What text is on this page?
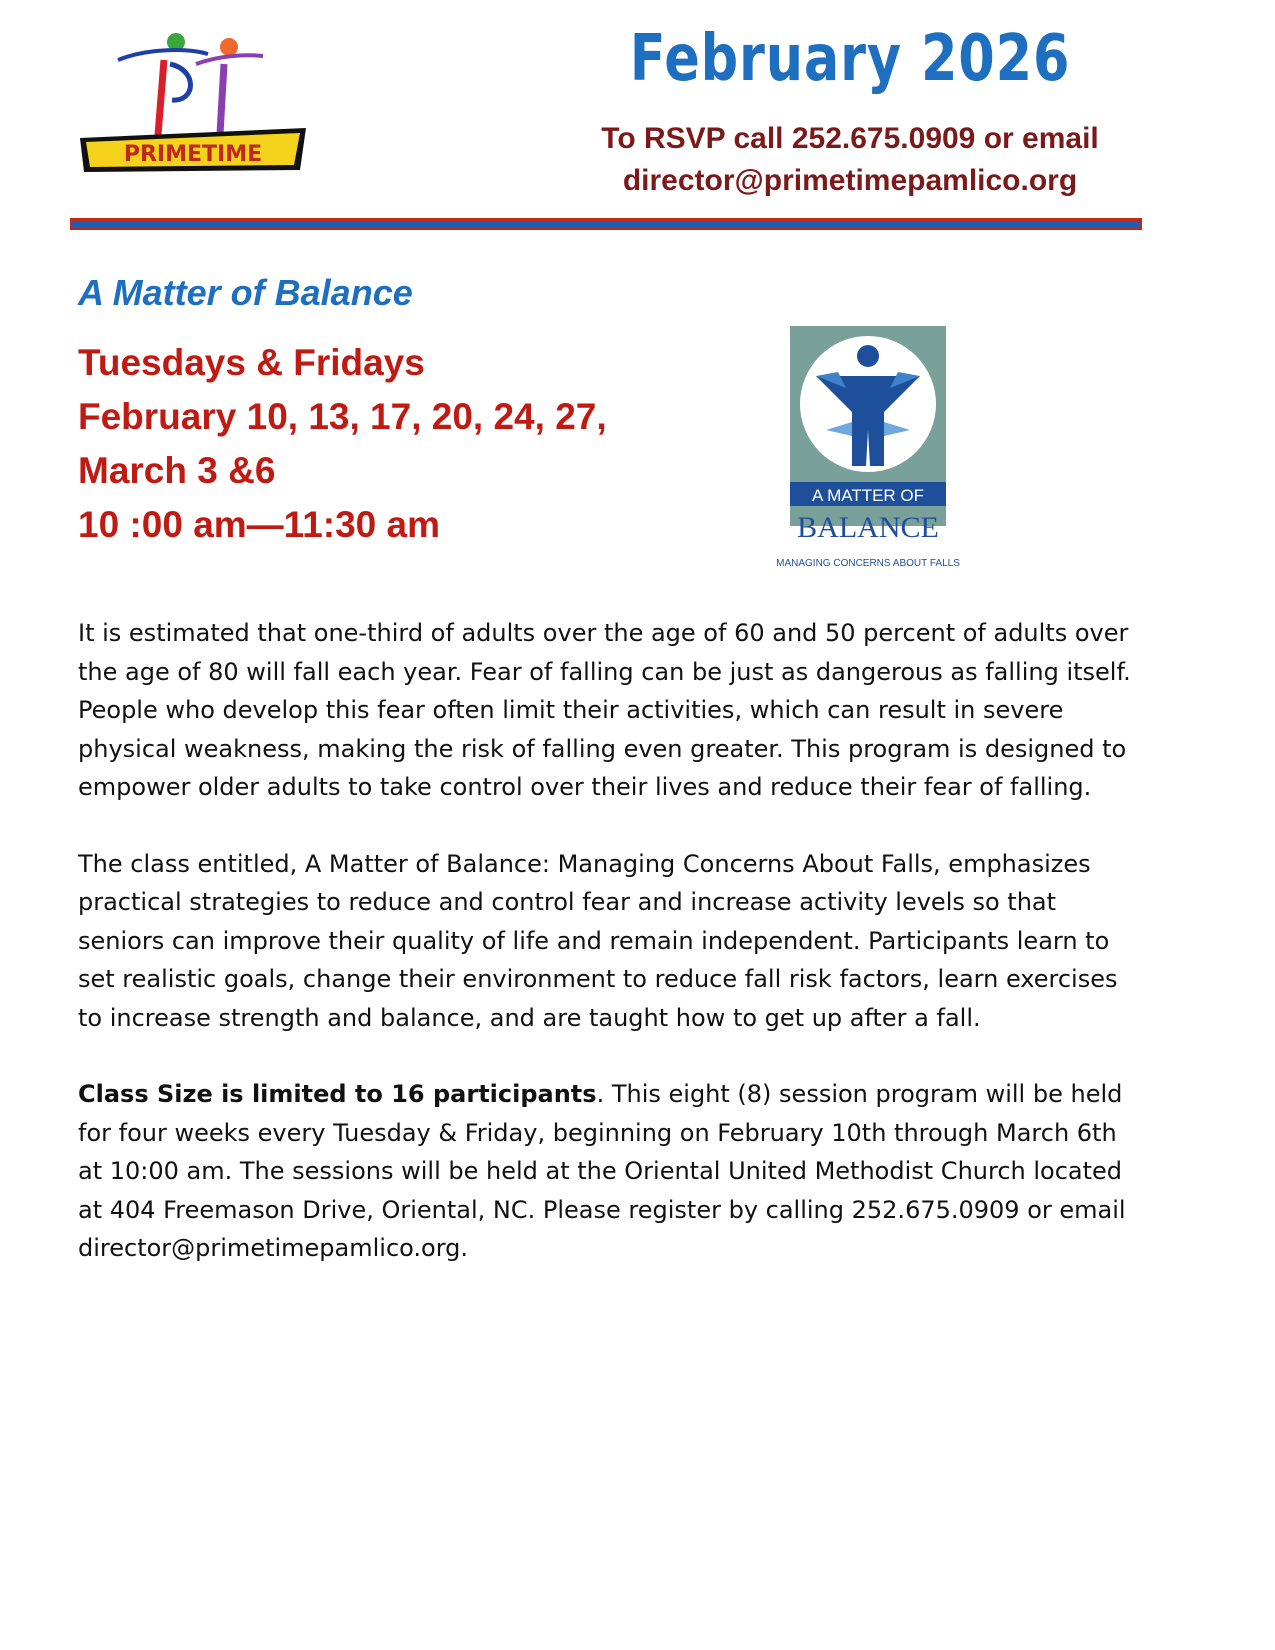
PRIMETIME
February 2026
To RSVP call 252.675.0909 or email
director@primetimepamlico.org
A Matter of Balance
Tuesdays & Fridays
February 10, 13, 17, 20, 24, 27,
March 3 &6
10 :00 am—11:30 am
A MATTER OF
BALANCE
MANAGING CONCERNS ABOUT FALLS

It is estimated that one-third of adults over the age of 60 and 50 percent of adults over the age of 80 will fall each year. Fear of falling can be just as dangerous as falling itself. People who develop this fear often limit their activities, which can result in severe physical weakness, making the risk of falling even greater. This program is designed to empower older adults to take control over their lives and reduce their fear of falling.

The class entitled, A Matter of Balance: Managing Concerns About Falls, emphasizes practical strategies to reduce and control fear and increase activity levels so that seniors can improve their quality of life and remain independent. Participants learn to set realistic goals, change their environment to reduce fall risk factors, learn exercises to increase strength and balance, and are taught how to get up after a fall.

Class Size is limited to 16 participants. This eight (8) session program will be held for four weeks every Tuesday & Friday, beginning on February 10th through March 6th at 10:00 am. The sessions will be held at the Oriental United Methodist Church located at 404 Freemason Drive, Oriental, NC. Please register by calling 252.675.0909 or email director@primetimepamlico.org.
